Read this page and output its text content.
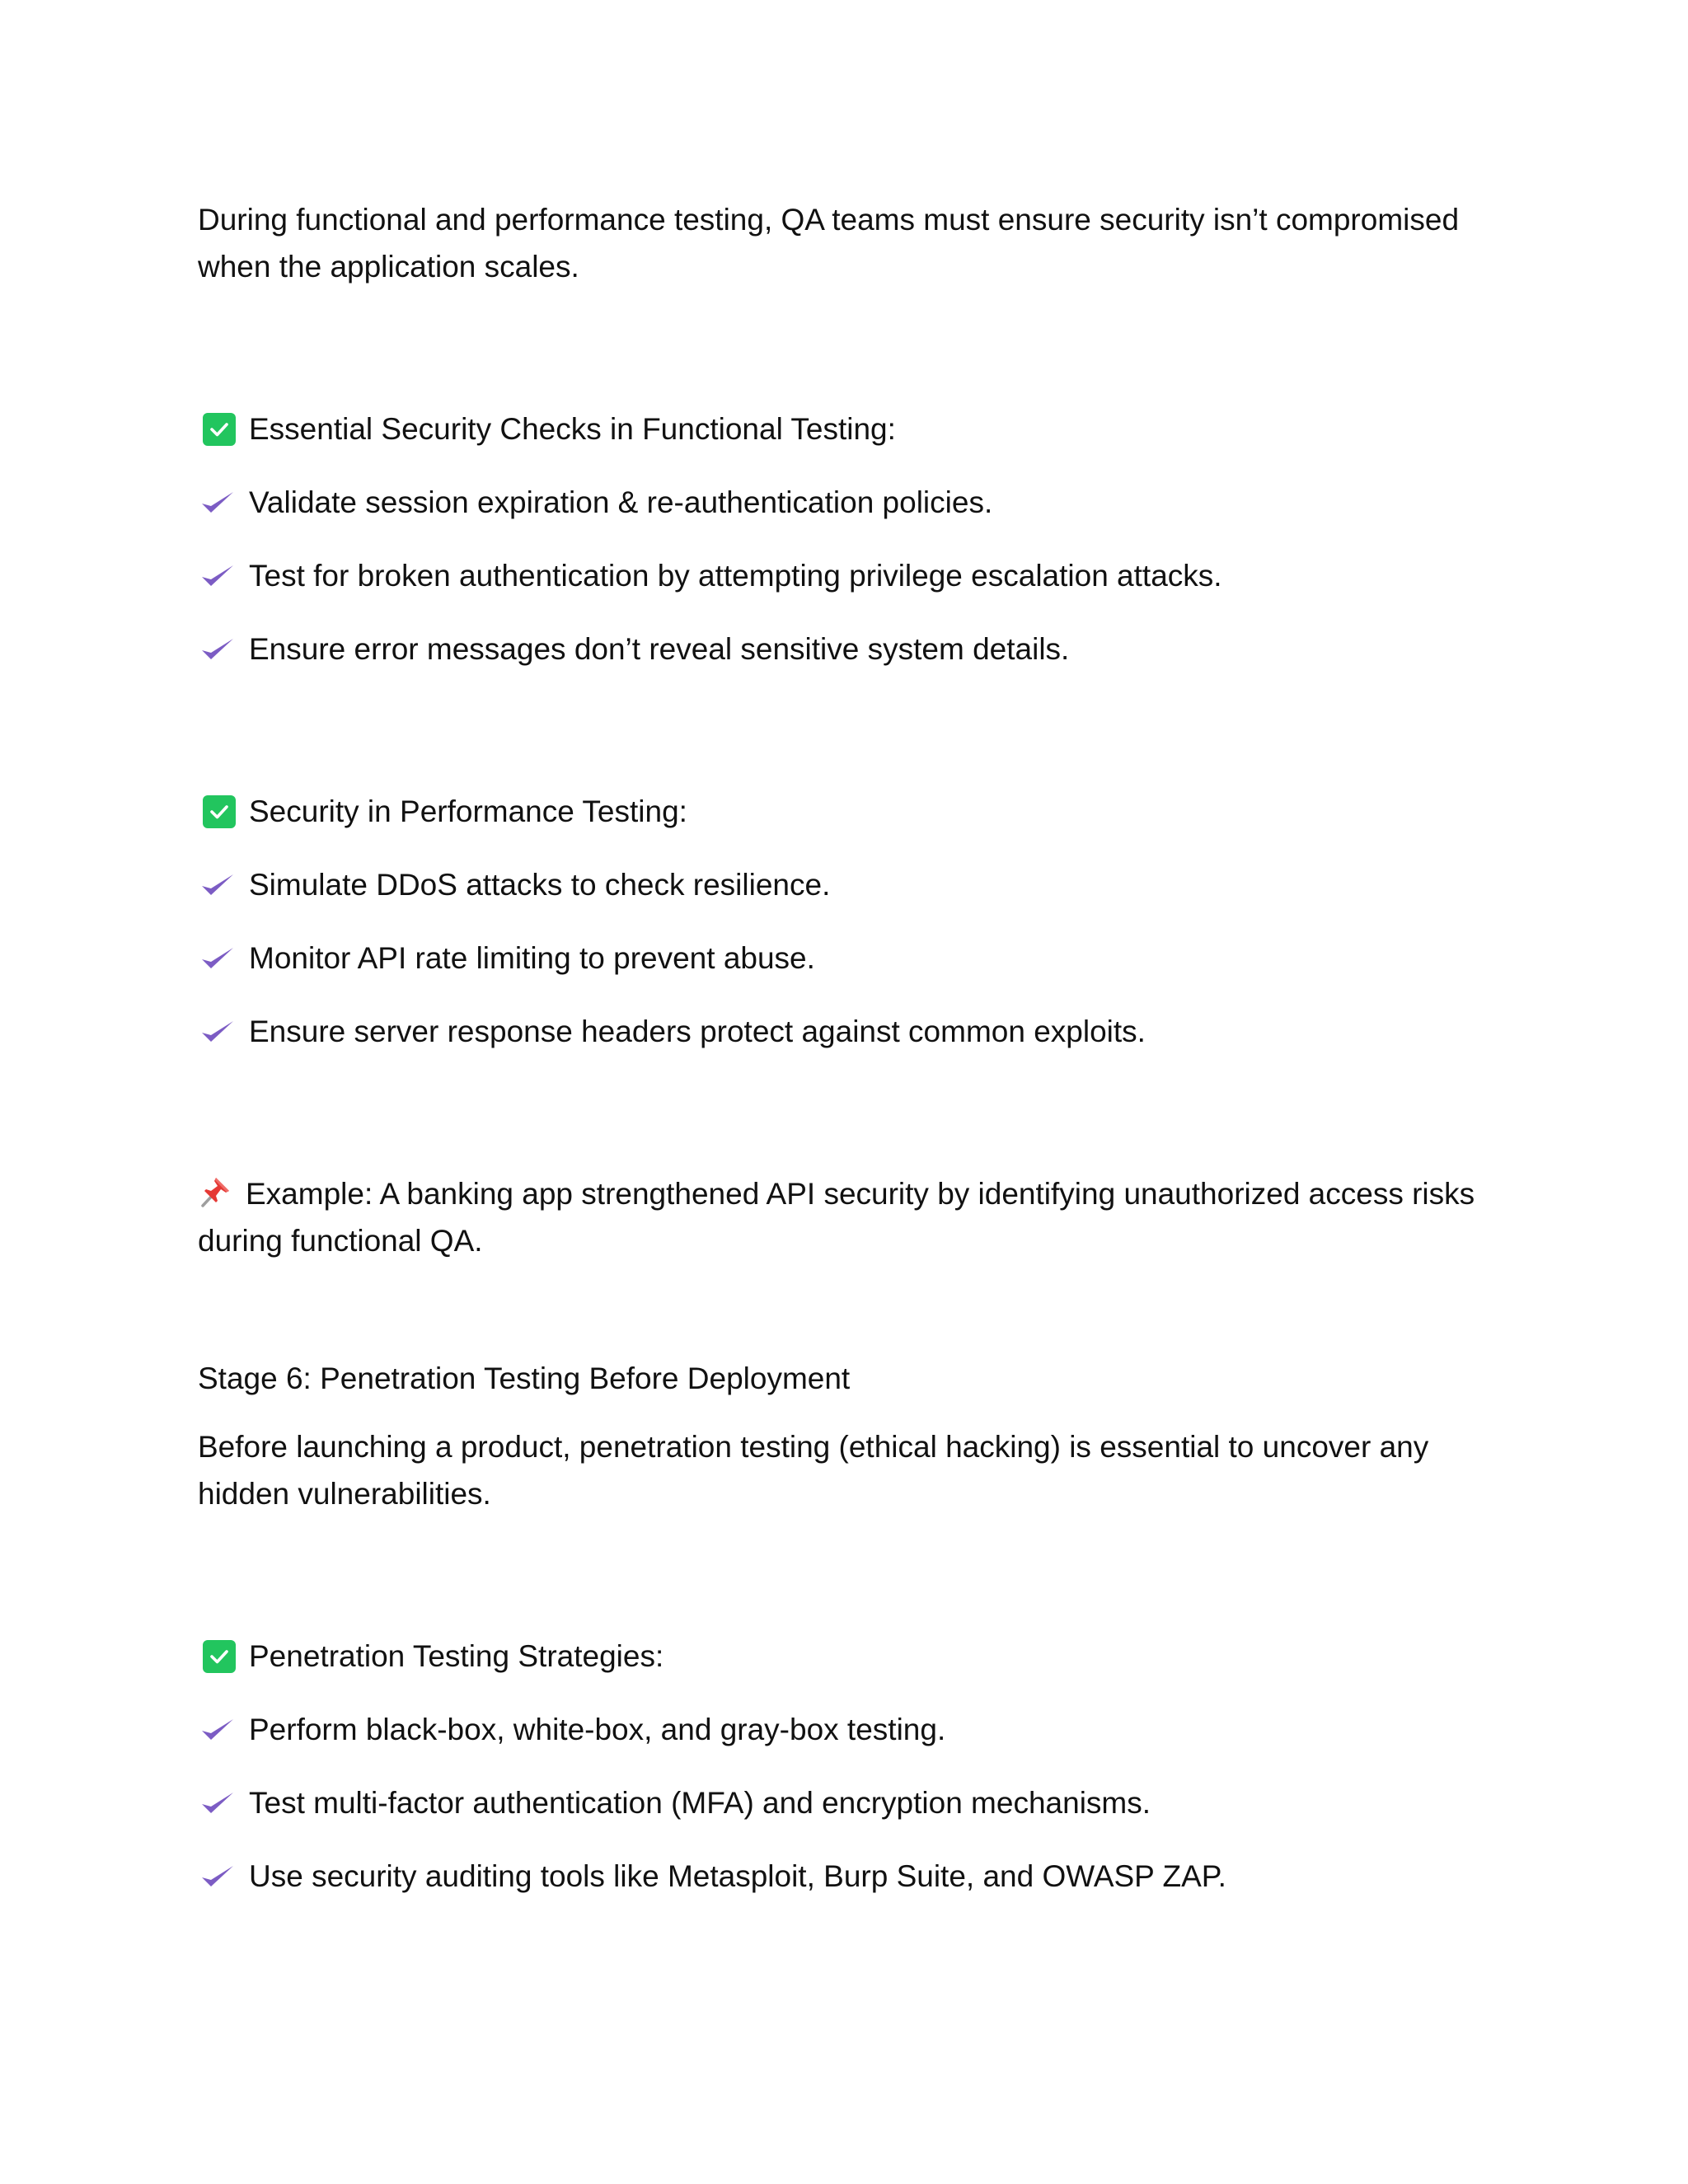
During functional and performance testing, QA teams must ensure security isn’t compromised when the application scales.

Essential Security Checks in Functional Testing:

Validate session expiration & re-authentication policies.

Test for broken authentication by attempting privilege escalation attacks.

Ensure error messages don’t reveal sensitive system details.

Security in Performance Testing:

Simulate DDoS attacks to check resilience.

Monitor API rate limiting to prevent abuse.

Ensure server response headers protect against common exploits.

Example: A banking app strengthened API security by identifying unauthorized access risks during functional QA.

Stage 6: Penetration Testing Before Deployment

Before launching a product, penetration testing (ethical hacking) is essential to uncover any hidden vulnerabilities.

Penetration Testing Strategies:

Perform black-box, white-box, and gray-box testing.

Test multi-factor authentication (MFA) and encryption mechanisms.

Use security auditing tools like Metasploit, Burp Suite, and OWASP ZAP.
